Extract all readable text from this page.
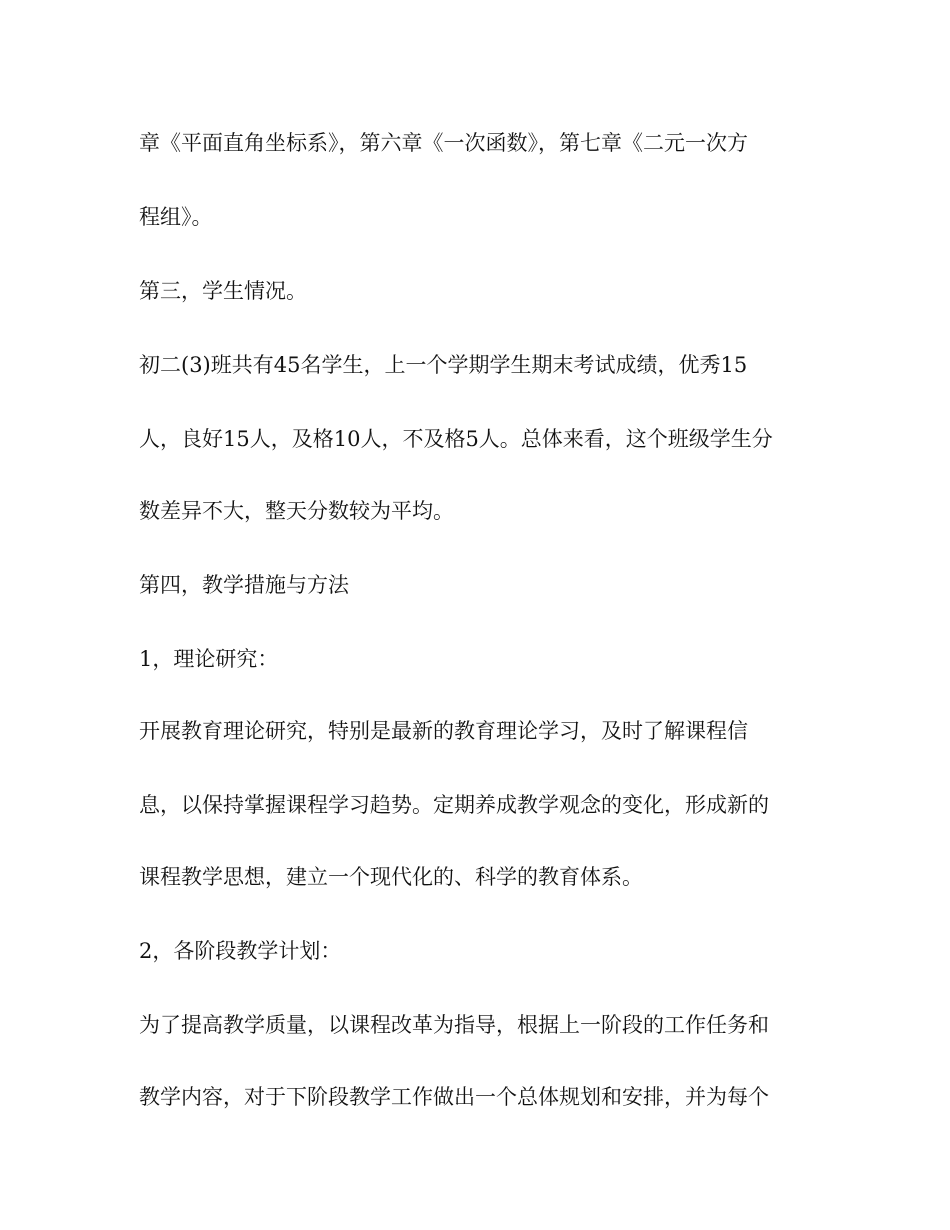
章《平面直角坐标系》，第六章《一次函数》，第七章《二元一次方

程组》。

第三，学生情况。

初二(3)班共有45名学生，上一个学期学生期末考试成绩，优秀15

人，良好15人，及格10人，不及格5人。总体来看，这个班级学生分

数差异不大，整天分数较为平均。

第四，教学措施与方法

1，理论研究：

开展教育理论研究，特别是最新的教育理论学习，及时了解课程信

息，以保持掌握课程学习趋势。定期养成教学观念的变化，形成新的

课程教学思想，建立一个现代化的、科学的教育体系。

2，各阶段教学计划：

为了提高教学质量，以课程改革为指导，根据上一阶段的工作任务和

教学内容，对于下阶段教学工作做出一个总体规划和安排，并为每个
